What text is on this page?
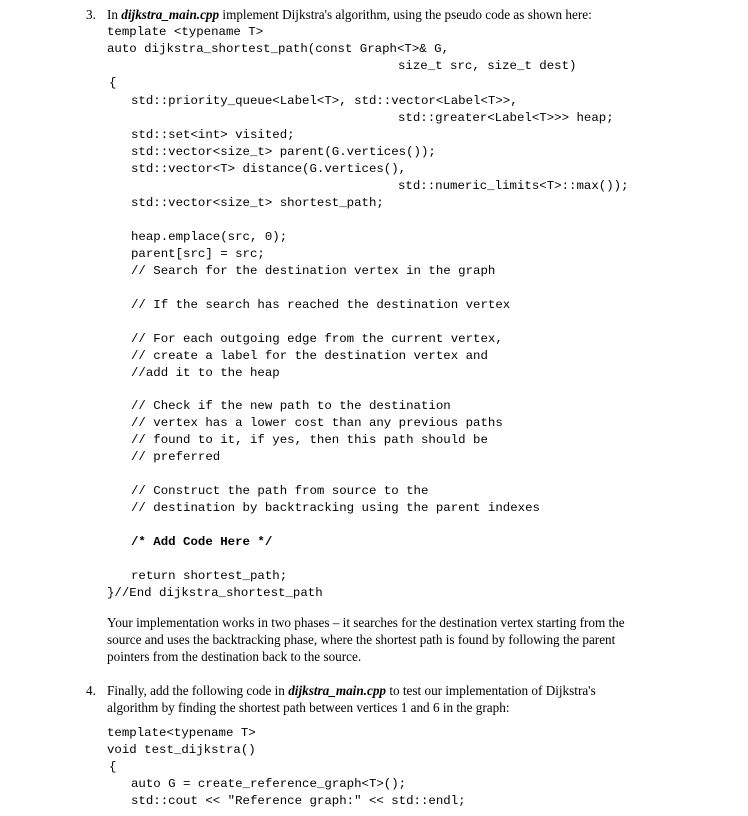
3. In dijkstra_main.cpp implement Dijkstra's algorithm, using the pseudo code as shown here:
template <typename T>
auto dijkstra_shortest_path(const Graph<T>& G,
size_t src, size_t dest)
{
std::priority_queue<Label<T>, std::vector<Label<T>>,
std::greater<Label<T>>> heap;
std::set<int> visited;
std::vector<size_t> parent(G.vertices());
std::vector<T> distance(G.vertices(),
std::numeric_limits<T>::max());
std::vector<size_t> shortest_path;
heap.emplace(src, 0);
parent[src] = src;
// Search for the destination vertex in the graph
// If the search has reached the destination vertex
// For each outgoing edge from the current vertex,
// create a label for the destination vertex and
//add it to the heap
// Check if the new path to the destination
// vertex has a lower cost than any previous paths
// found to it, if yes, then this path should be
// preferred
// Construct the path from source to the
// destination by backtracking using the parent indexes
/* Add Code Here */
return shortest_path;
}//End dijkstra_shortest_path
Your implementation works in two phases – it searches for the destination vertex starting from the
source and uses the backtracking phase, where the shortest path is found by following the parent
pointers from the destination back to the source.
4. Finally, add the following code in dijkstra_main.cpp to test our implementation of Dijkstra's
algorithm by finding the shortest path between vertices 1 and 6 in the graph:
template<typename T>
void test_dijkstra()
{
auto G = create_reference_graph<T>();
std::cout << "Reference graph:" << std::endl;
